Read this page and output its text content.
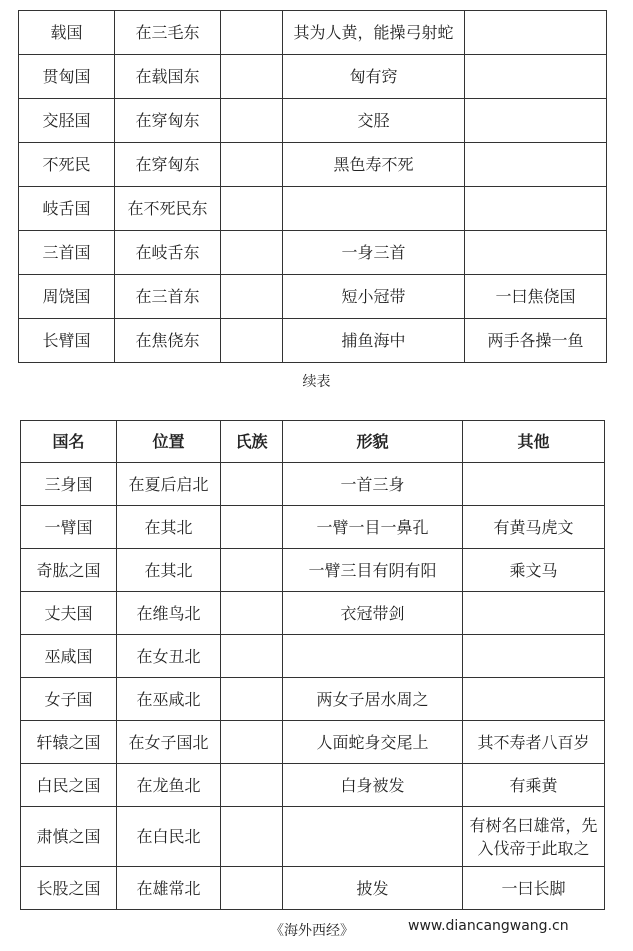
载国	在三毛东		其为人黄，能操弓射蛇	
贯匈国	在载国东		匈有窍	
交胫国	在穿匈东		交胫	
不死民	在穿匈东		黑色寿不死	
岐舌国	在不死民东			
三首国	在岐舌东		一身三首	
周饶国	在三首东		短小冠带	一曰焦侥国
长臂国	在焦侥东		捕鱼海中	两手各操一鱼
续表
国名	位置	氏族	形貌	其他
三身国	在夏后启北		一首三身	
一臂国	在其北		一臂一目一鼻孔	有黄马虎文
奇肱之国	在其北		一臂三目有阴有阳	乘文马
丈夫国	在维鸟北		衣冠带剑	
巫咸国	在女丑北			
女子国	在巫咸北		两女子居水周之	
轩辕之国	在女子国北		人面蛇身交尾上	其不寿者八百岁
白民之国	在龙鱼北		白身被发	有乘黄
肃慎之国	在白民北			有树名曰雄常，先入伐帝于此取之
长股之国	在雄常北		披发	一曰长脚
《海外西经》	www.diancangwang.cn
